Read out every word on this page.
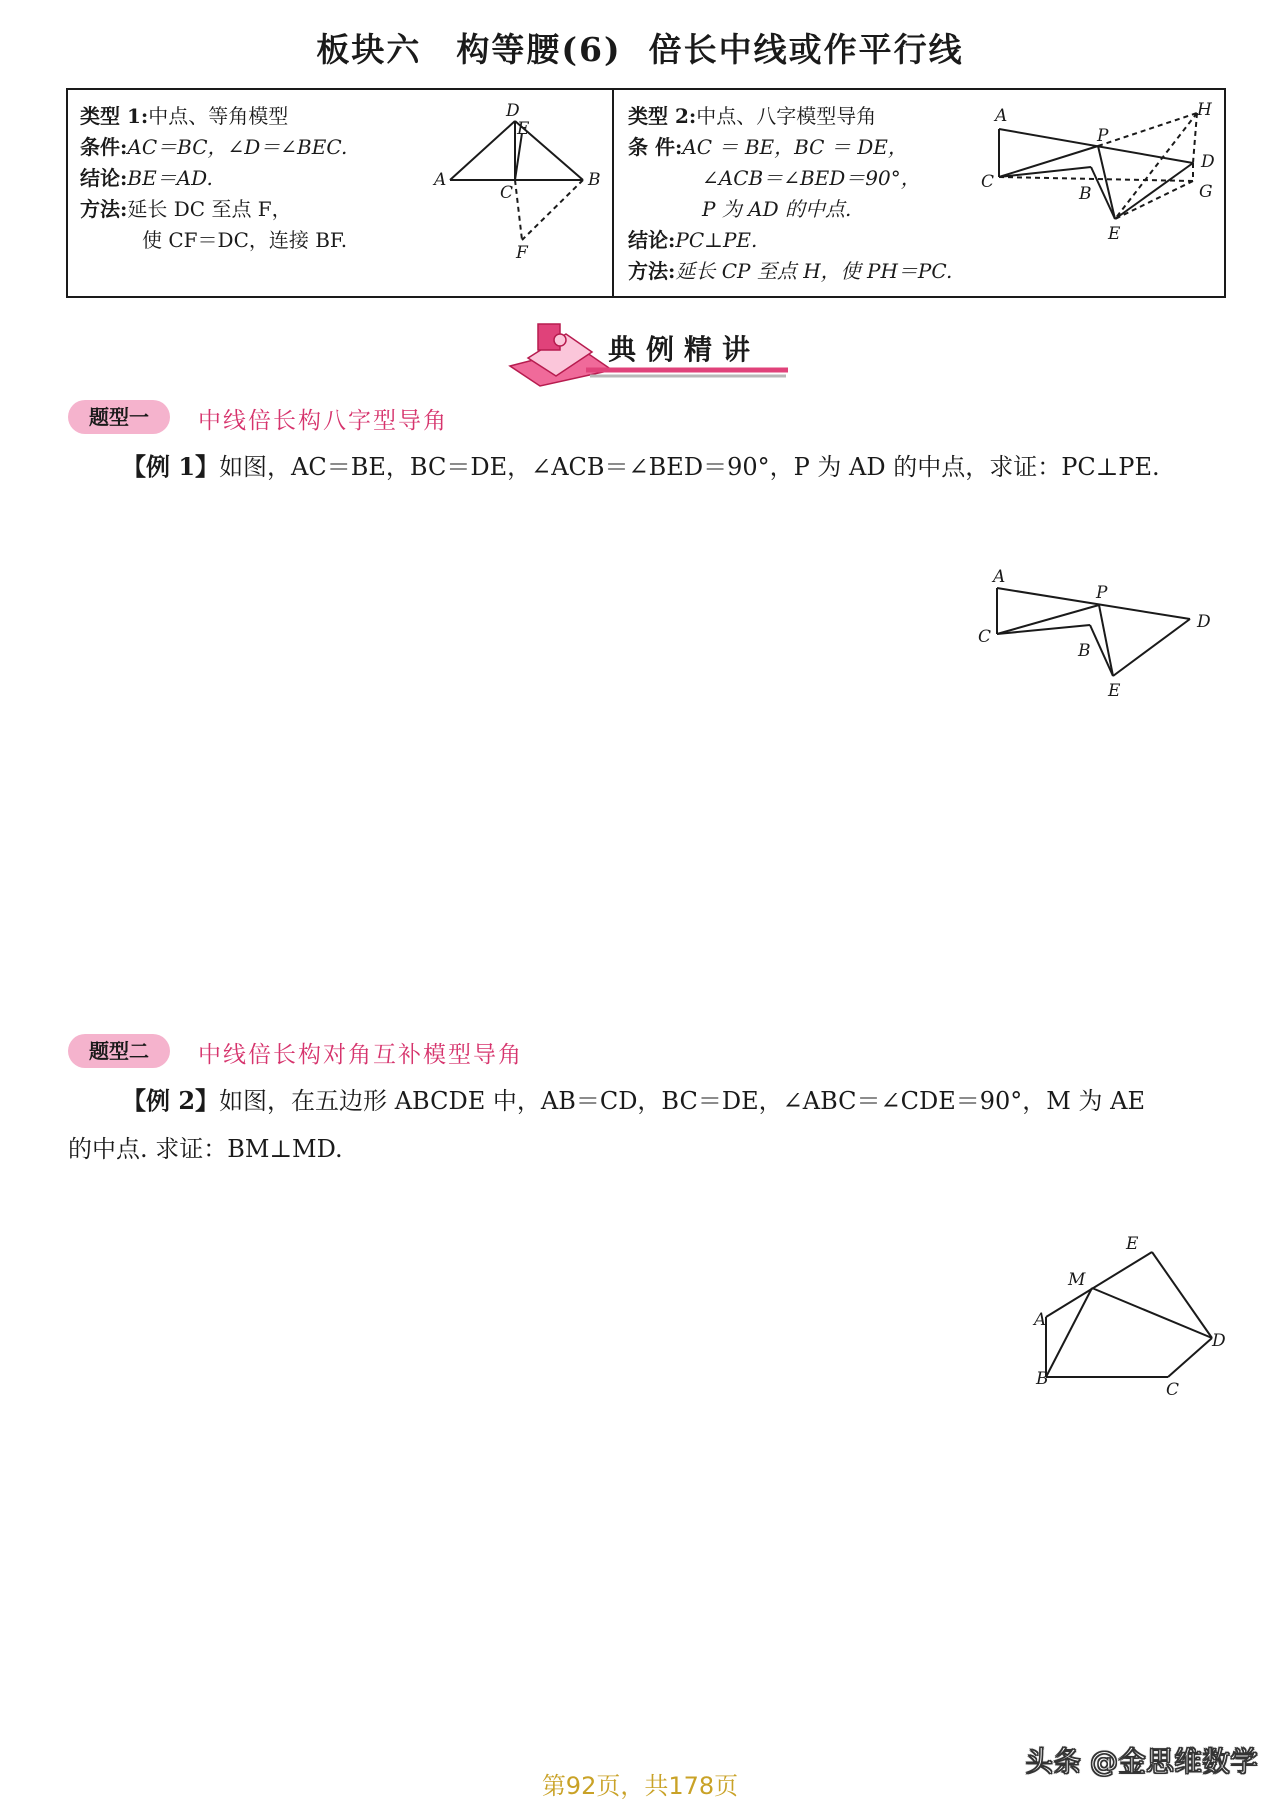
板块六　构等腰(6)  倍长中线或作平行线
类型 1:中点、等角模型
条件:AC＝BC，∠D＝∠BEC.
结论:BE＝AD.
方法:延长 DC 至点 F，
使 CF＝DC，连接 BF.
D
E
A
C
B
F
类型 2:中点、八字模型导角
条 件:AC ＝ BE，BC ＝ DE，
∠ACB＝∠BED＝90°，
P 为 AD 的中点.
结论:PC⊥PE.
方法:延长 CP 至点 H，使 PH＝PC.
A	H
P
D
C	G
B
E
典例精讲
题型一	中线倍长构八字型导角
【例 1】如图，AC＝BE，BC＝DE，∠ACB＝∠BED＝90°，P 为 AD 的中点，求证：PC⊥PE.
A
P
D
C
B
E
题型二	中线倍长构对角互补模型导角
【例 2】如图，在五边形 ABCDE 中，AB＝CD，BC＝DE，∠ABC＝∠CDE＝90°，M 为 AE
的中点. 求证：BM⊥MD.
E
M
A
D
B
C
第92页，共178页
头条 @金思维数学
